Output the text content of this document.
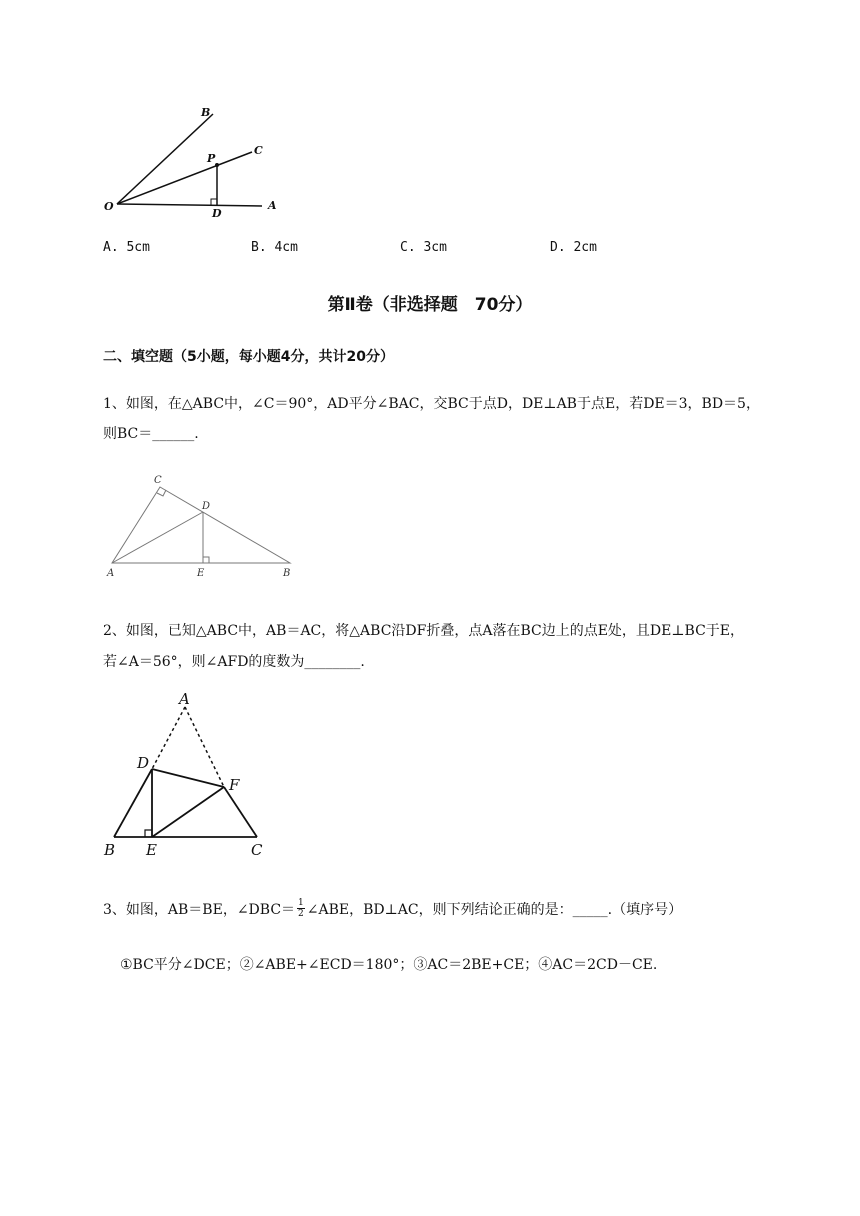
B
C
P
O
D
A
A. 5cm	B. 4cm	C. 3cm	D. 2cm
第Ⅱ卷（非选择题　70分）
二、填空题（5小题，每小题4分，共计20分）
1、如图，在△ABC中，∠C＝90°，AD平分∠BAC，交BC于点D，DE⊥AB于点E，若DE＝3，BD＝5，
则BC＝______.
C
D
A	E	B
2、如图，已知△ABC中，AB＝AC，将△ABC沿DF折叠，点A落在BC边上的点E处，且DE⊥BC于E，
若∠A＝56°，则∠AFD的度数为________.
A
D
F
B E	C
3、如图，AB＝BE，∠DBC＝ $\frac{1}{2}$ ∠ABE，BD⊥AC，则下列结论正确的是：_____.（填序号）
①BC平分∠DCE；②∠ABE+∠ECD＝180°；③AC＝2BE+CE；④AC＝2CD－CE.
